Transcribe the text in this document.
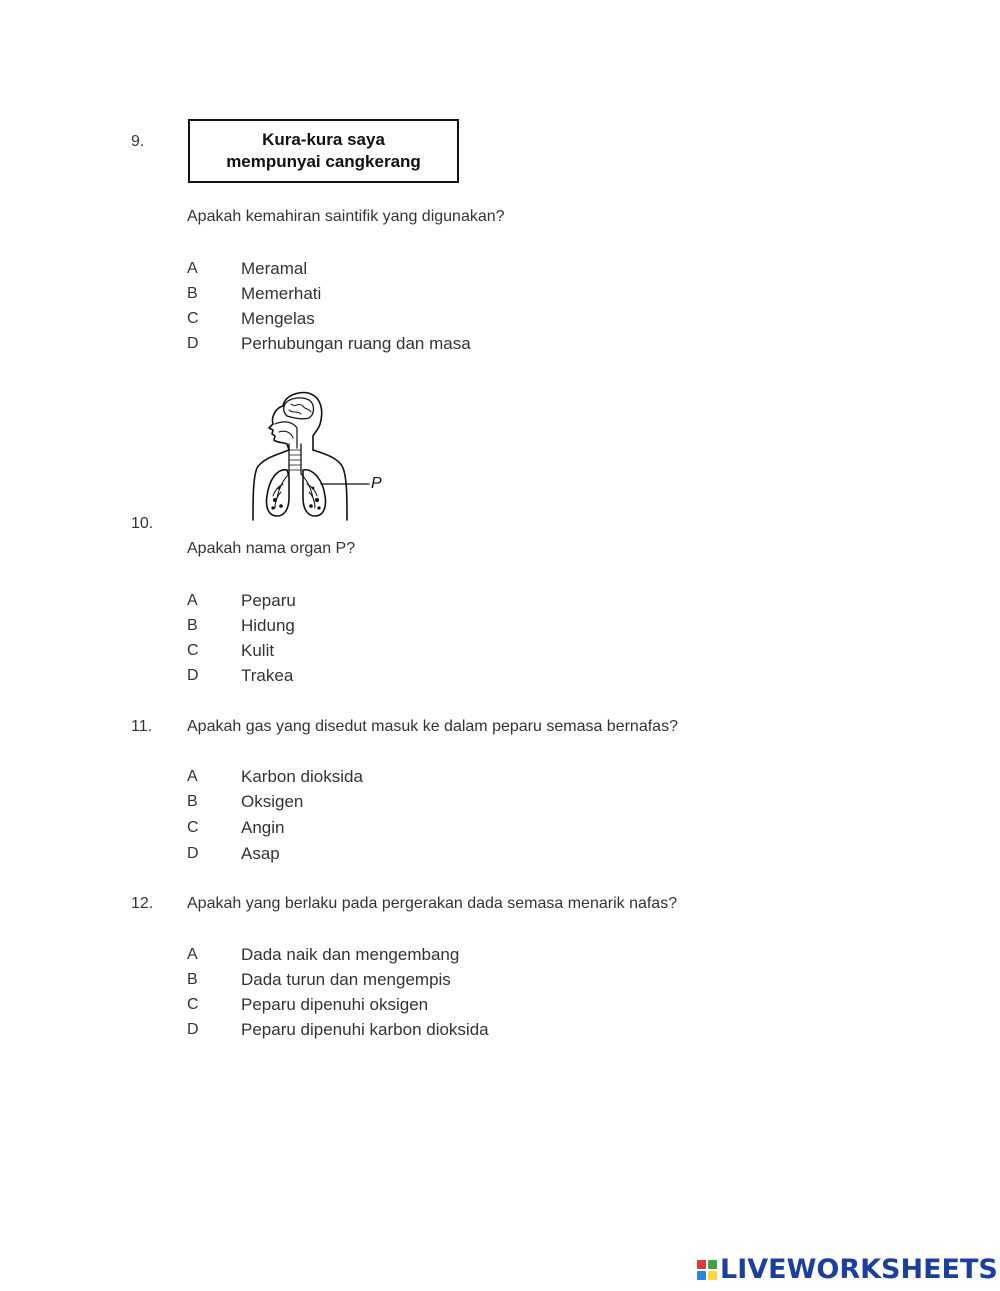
9.	Kura-kura saya
mempunyai cangkerang
Apakah kemahiran saintifik yang digunakan?
A	Meramal
B	Memerhati
C Mengelas
D Perhubungan ruang dan masa
P
10.
Apakah nama organ P?
A	Peparu
B	Hidung
C Kulit
D Trakea
11. Apakah gas yang disedut masuk ke dalam peparu semasa bernafas?
A	Karbon dioksida
B	Oksigen
C Angin
D Asap
12. Apakah yang berlaku pada pergerakan dada semasa menarik nafas?
A	Dada naik dan mengembang
B	Dada turun dan mengempis
C Peparu dipenuhi oksigen
D Peparu dipenuhi karbon dioksida
LIVEWORKSHEETS
